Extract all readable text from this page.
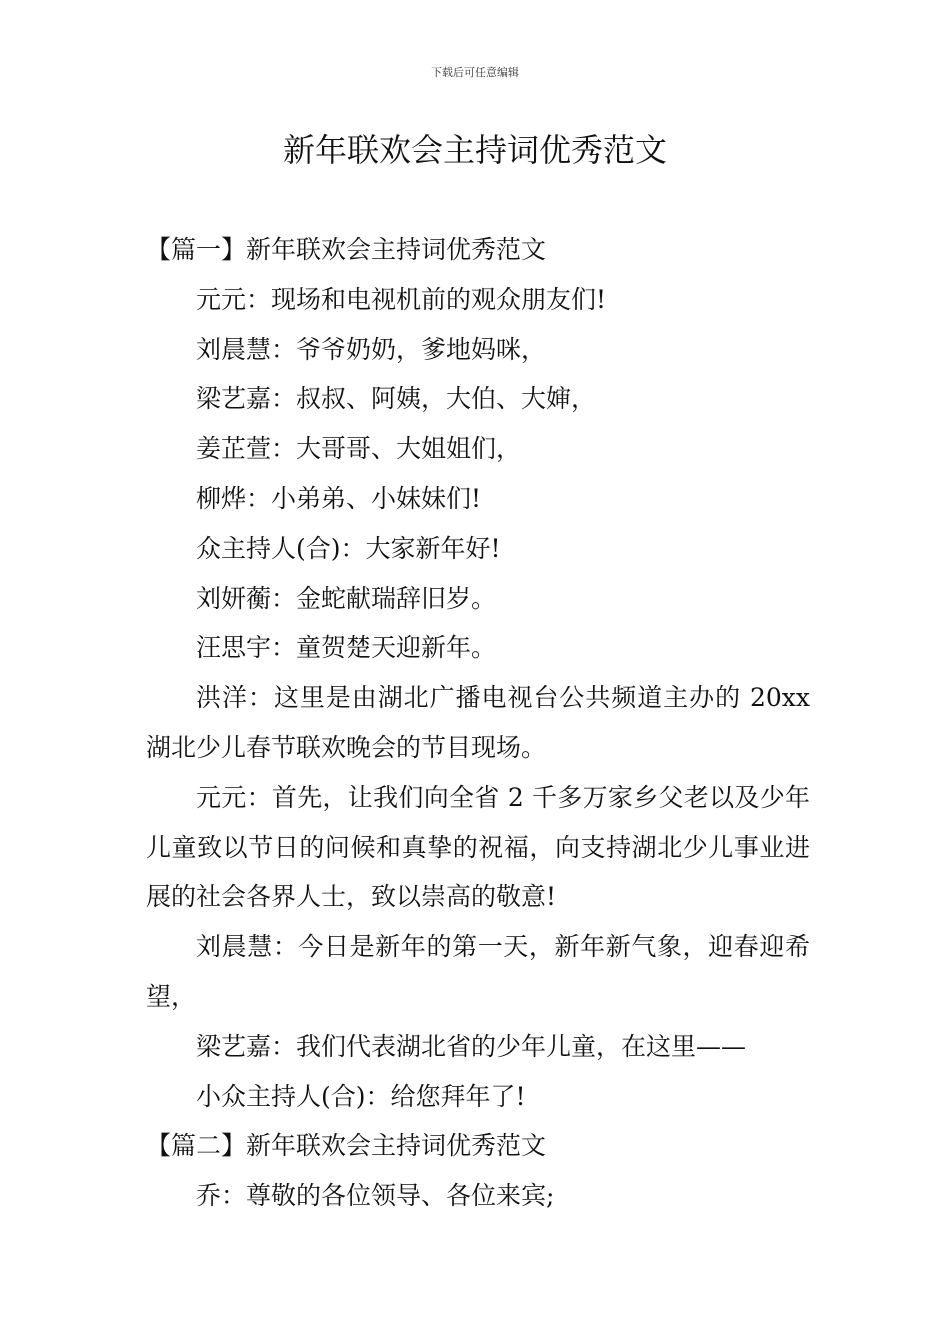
下载后可任意编辑
新年联欢会主持词优秀范文

【篇一】新年联欢会主持词优秀范文

元元：现场和电视机前的观众朋友们!

刘晨慧：爷爷奶奶，爹地妈咪，

梁艺嘉：叔叔、阿姨，大伯、大婶，

姜芷萱：大哥哥、大姐姐们，

柳烨：小弟弟、小妹妹们!

众主持人(合)：大家新年好!

刘妍蘅：金蛇献瑞辞旧岁。

汪思宇：童贺楚天迎新年。

洪洋：这里是由湖北广播电视台公共频道主办的 20xx 湖北少儿春节联欢晚会的节目现场。

元元：首先，让我们向全省 2 千多万家乡父老以及少年儿童致以节日的问候和真挚的祝福，向支持湖北少儿事业进展的社会各界人士，致以崇高的敬意!

刘晨慧：今日是新年的第一天，新年新气象，迎春迎希望，

梁艺嘉：我们代表湖北省的少年儿童，在这里——

小众主持人(合)：给您拜年了!

【篇二】新年联欢会主持词优秀范文

乔：尊敬的各位领导、各位来宾;
